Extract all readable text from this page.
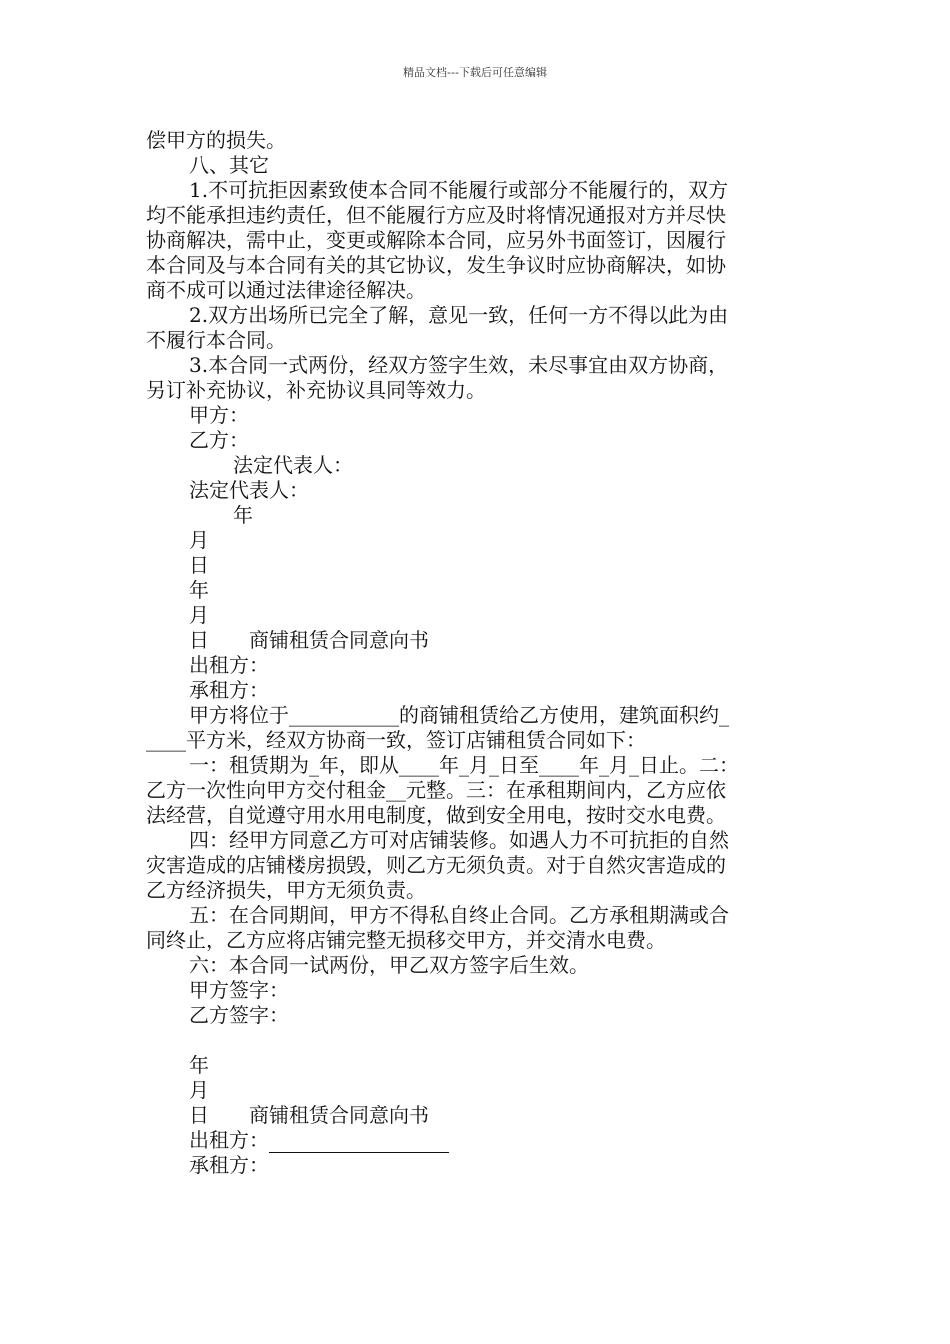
精品文档---下载后可任意编辑
偿甲方的损失。
八、其它
1.不可抗拒因素致使本合同不能履行或部分不能履行的，双方
均不能承担违约责任，但不能履行方应及时将情况通报对方并尽快
协商解决，需中止，变更或解除本合同，应另外书面签订，因履行
本合同及与本合同有关的其它协议，发生争议时应协商解决，如协
商不成可以通过法律途径解决。
2.双方出场所已完全了解，意见一致，任何一方不得以此为由
不履行本合同。
3.本合同一式两份，经双方签字生效，未尽事宜由双方协商，
另订补充协议，补充协议具同等效力。
甲方：
乙方：
法定代表人：
法定代表人：
年
月
日
年
月
日　　商铺租赁合同意向书
出租方：
承租方：
甲方将位于___________的商铺租赁给乙方使用，建筑面积约_
____平方米，经双方协商一致，签订店铺租赁合同如下：
一：租赁期为_年，即从____年_月_日至____年_月_日止。二：
乙方一次性向甲方交付租金__元整。三：在承租期间内，乙方应依
法经营，自觉遵守用水用电制度，做到安全用电，按时交水电费。
四：经甲方同意乙方可对店铺装修。如遇人力不可抗拒的自然
灾害造成的店铺楼房损毁，则乙方无须负责。对于自然灾害造成的
乙方经济损失，甲方无须负责。
五：在合同期间，甲方不得私自终止合同。乙方承租期满或合
同终止，乙方应将店铺完整无损移交甲方，并交清水电费。
六：本合同一试两份，甲乙双方签字后生效。
甲方签字：
乙方签字：
年
月
日　　商铺租赁合同意向书
出租方：
承租方：
